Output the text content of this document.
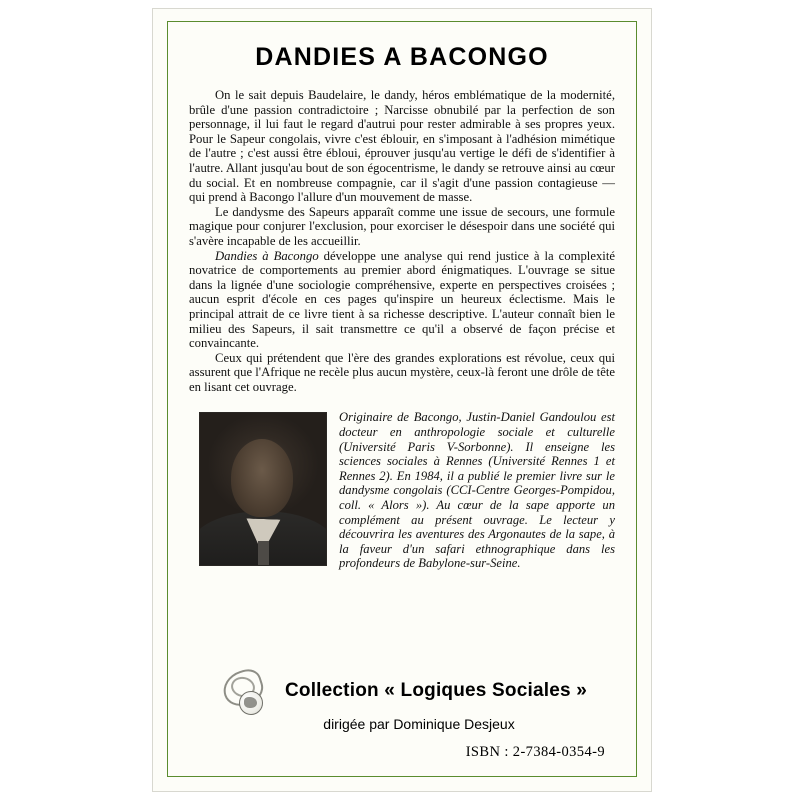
DANDIES A BACONGO

On le sait depuis Baudelaire, le dandy, héros emblématique de la modernité, brûle d'une passion contradictoire ; Narcisse obnubilé par la perfection de son personnage, il lui faut le regard d'autrui pour rester admirable à ses propres yeux. Pour le Sapeur congolais, vivre c'est éblouir, en s'imposant à l'adhésion mimétique de l'autre ; c'est aussi être ébloui, éprouver jusqu'au vertige le défi de s'identifier à l'autre. Allant jusqu'au bout de son égocentrisme, le dandy se retrouve ainsi au cœur du social. Et en nombreuse compagnie, car il s'agit d'une passion contagieuse — qui prend à Bacongo l'allure d'un mouvement de masse.

Le dandysme des Sapeurs apparaît comme une issue de secours, une formule magique pour conjurer l'exclusion, pour exorciser le désespoir dans une société qui s'avère incapable de les accueillir.

Dandies à Bacongo développe une analyse qui rend justice à la complexité novatrice de comportements au premier abord énigmatiques. L'ouvrage se situe dans la lignée d'une sociologie compréhensive, experte en perspectives croisées ; aucun esprit d'école en ces pages qu'inspire un heureux éclectisme. Mais le principal attrait de ce livre tient à sa richesse descriptive. L'auteur connaît bien le milieu des Sapeurs, il sait transmettre ce qu'il a observé de façon précise et convaincante.

Ceux qui prétendent que l'ère des grandes explorations est révolue, ceux qui assurent que l'Afrique ne recèle plus aucun mystère, ceux-là feront une drôle de tête en lisant cet ouvrage.

Originaire de Bacongo, Justin-Daniel Gandoulou est docteur en anthropologie sociale et culturelle (Université Paris V-Sorbonne). Il enseigne les sciences sociales à Rennes (Université Rennes 1 et Rennes 2). En 1984, il a publié le premier livre sur le dandysme congolais (CCI-Centre Georges-Pompidou, coll. « Alors »). Au cœur de la sape apporte un complément au présent ouvrage. Le lecteur y découvrira les aventures des Argonautes de la sape, à la faveur d'un safari ethnographique dans les profondeurs de Babylone-sur-Seine.
Collection « Logiques Sociales »
dirigée par Dominique Desjeux
ISBN : 2-7384-0354-9
